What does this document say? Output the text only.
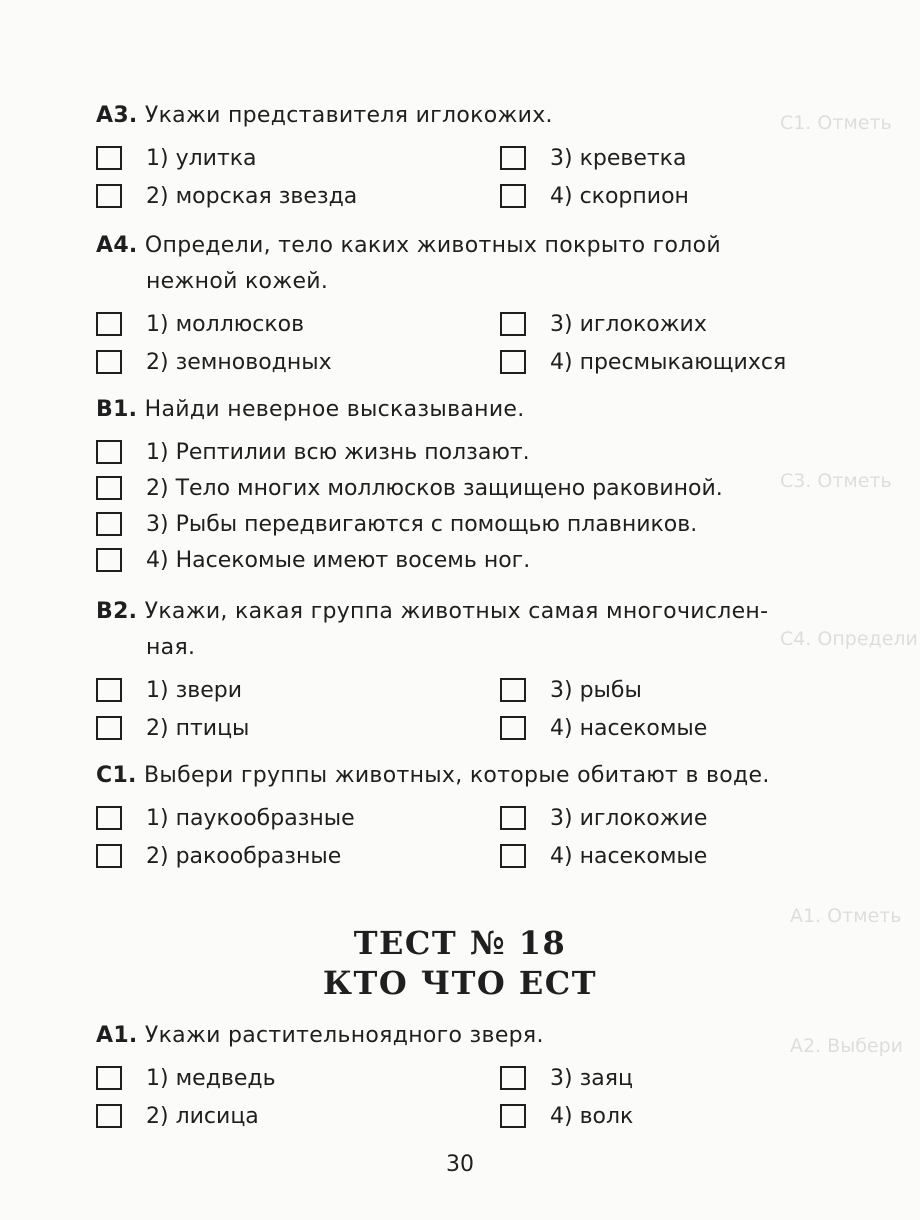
С1. Отметь
С3. Отметь
С4. Определи
А1. Отметь
А2. Выбери
A3. Укажи представителя иглокожих.
1) улитка
2) морская звезда
3) креветка
4) скорпион
A4. Определи, тело каких животных покрыто голой
нежной кожей.
1) моллюсков
2) земноводных
3) иглокожих
4) пресмыкающихся
B1. Найди неверное высказывание.
1) Рептилии всю жизнь ползают.
2) Тело многих моллюсков защищено раковиной.
3) Рыбы передвигаются с помощью плавников.
4) Насекомые имеют восемь ног.
B2. Укажи, какая группа животных самая многочислен-
ная.
1) звери
2) птицы
3) рыбы
4) насекомые
C1. Выбери группы животных, которые обитают в воде.
1) паукообразные
2) ракообразные
3) иглокожие
4) насекомые
ТЕСТ № 18
КТО ЧТО ЕСТ
A1. Укажи растительноядного зверя.
1) медведь
2) лисица
3) заяц
4) волк
30
